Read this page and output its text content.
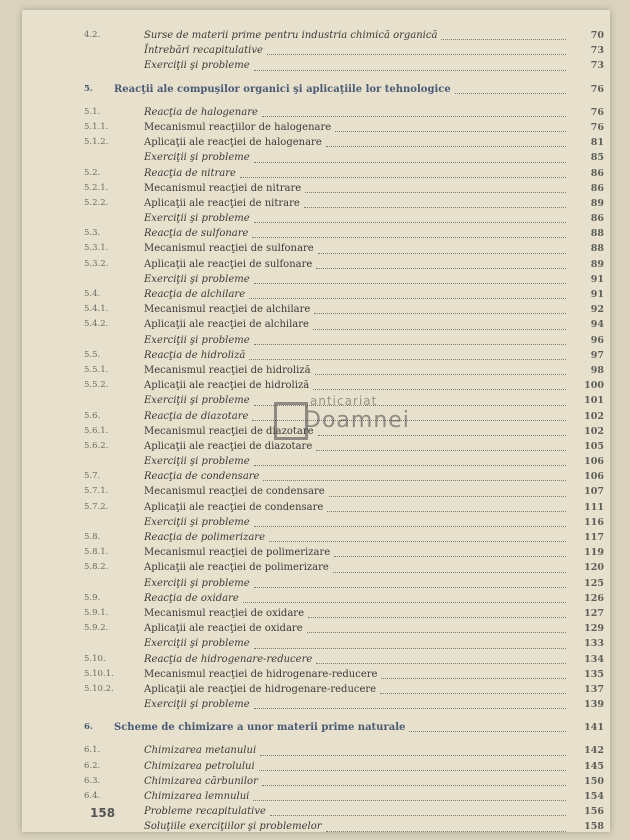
4.2.	Surse de materii prime pentru industria chimică organică	70
Întrebări recapitulative	73
Exerciţii şi probleme	73
5.	Reacţii ale compuşilor organici şi aplicaţiile lor tehnologice	76
5.1.	Reacţia de halogenare	76
5.1.1.	Mecanismul reacţiilor de halogenare	76
5.1.2.	Aplicaţii ale reacţiei de halogenare	81
Exerciţii şi probleme	85
5.2.	Reacţia de nitrare	86
5.2.1.	Mecanismul reacţiei de nitrare	86
5.2.2.	Aplicaţii ale reacţiei de nitrare	89
Exerciţii şi probleme	86
5.3.	Reacţia de sulfonare	88
5.3.1.	Mecanismul reacţiei de sulfonare	88
5.3.2.	Aplicaţii ale reacţiei de sulfonare	89
Exerciţii şi probleme	91
5.4.	Reacţia de alchilare	91
5.4.1.	Mecanismul reacţiei de alchilare	92
5.4.2.	Aplicaţii ale reacţiei de alchilare	94
Exerciţii şi probleme	96
5.5.	Reacţia de hidroliză	97
5.5.1.	Mecanismul reacţiei de hidroliză	98
5.5.2.	Aplicaţii ale reacţiei de hidroliză	100
Exerciţii şi probleme	101
5.6.	Reacţia de diazotare	102
5.6.1.	Mecanismul reacţiei de diazotare	102
5.6.2.	Aplicaţii ale reacţiei de diazotare	105
Exerciţii şi probleme	106
5.7.	Reacţia de condensare	106
5.7.1.	Mecanismul reacţiei de condensare	107
5.7.2.	Aplicaţii ale reacţiei de condensare	111
Exerciţii şi probleme	116
5.8.	Reacţia de polimerizare	117
5.8.1.	Mecanismul reacţiei de polimerizare	119
5.8.2.	Aplicaţii ale reacţiei de polimerizare	120
Exerciţii şi probleme	125
5.9.	Reacţia de oxidare	126
5.9.1.	Mecanismul reacţiei de oxidare	127
5.9.2.	Aplicaţii ale reacţiei de oxidare	129
Exerciţii şi probleme	133
5.10.	Reacţia de hidrogenare-reducere	134
5.10.1.	Mecanismul reacţiei de hidrogenare-reducere	135
5.10.2.	Aplicaţii ale reacţiei de hidrogenare-reducere	137
Exerciţii şi probleme	139
6.	Scheme de chimizare a unor materii prime naturale	141
6.1.	Chimizarea metanului	142
6.2.	Chimizarea petrolului	145
6.3.	Chimizarea cărbunilor	150
6.4.	Chimizarea lemnului	154
Probleme recapitulative	156
Soluţiile exerciţiilor şi problemelor	158
anticariat
Doamnei
158
